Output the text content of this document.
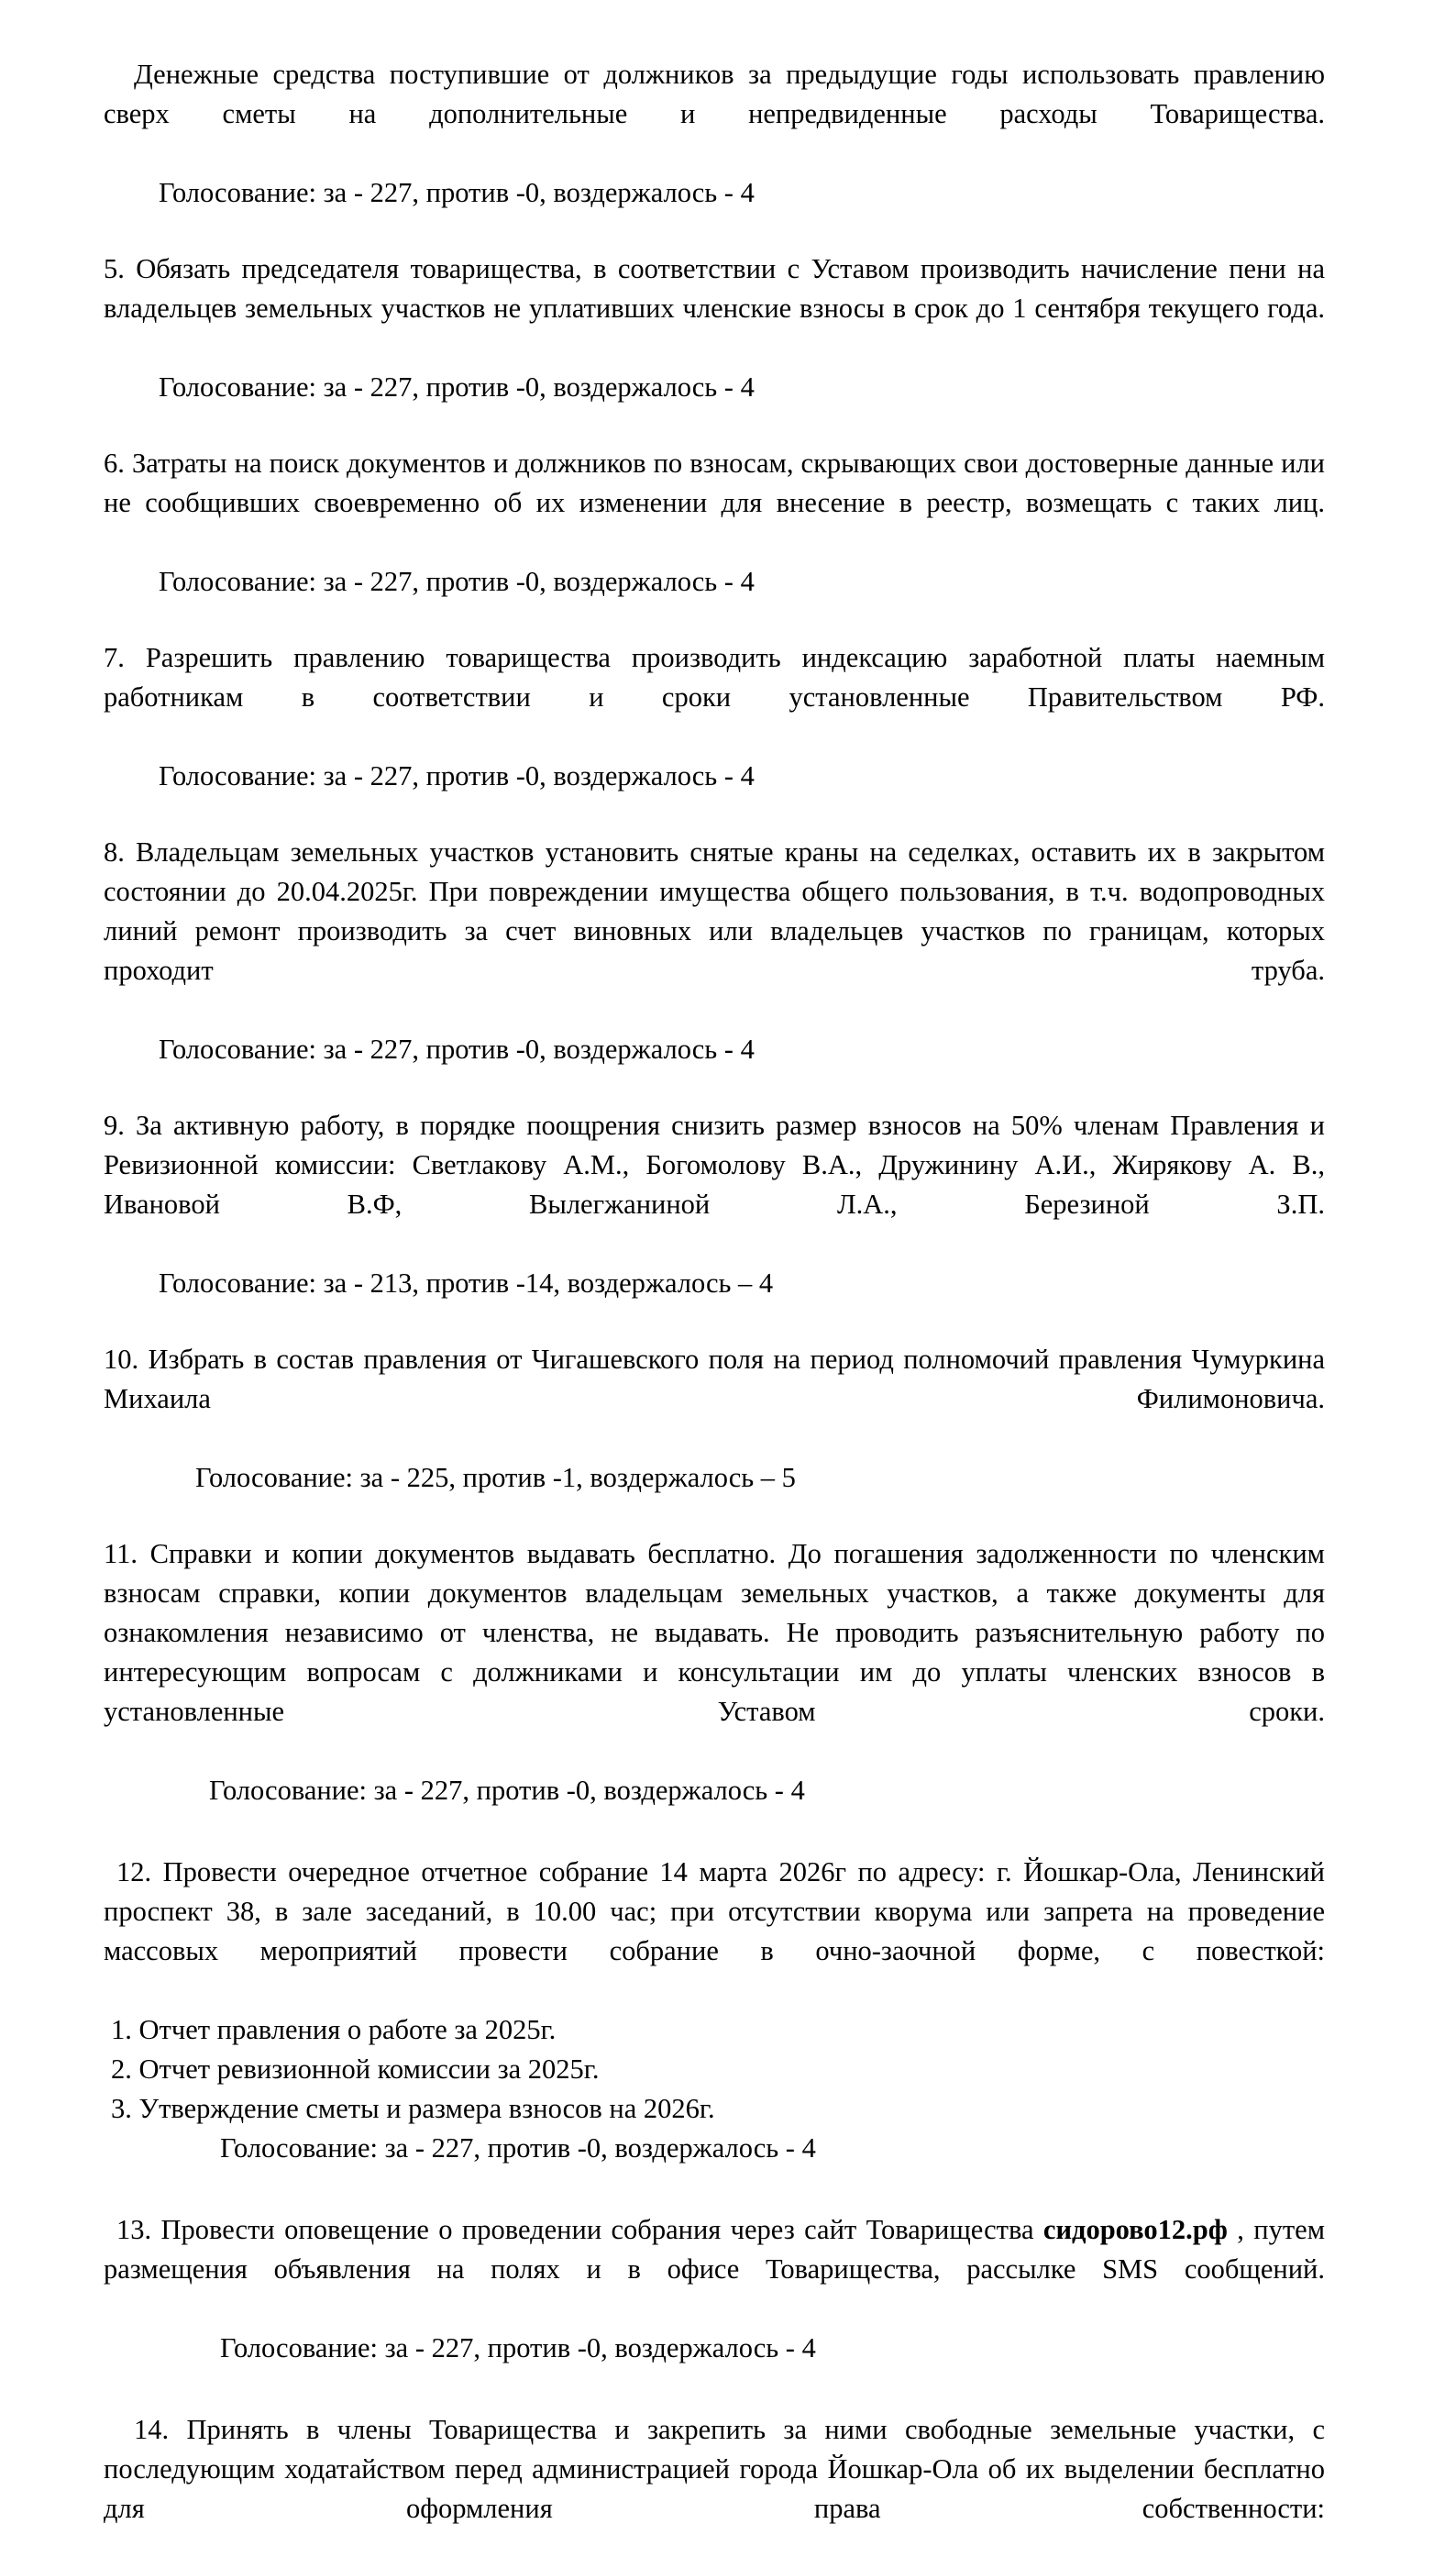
Денежные средства поступившие от должников за предыдущие годы использовать правлению сверх сметы на дополнительные и непредвиденные расходы Товарищества.

Голосование: за - 227, против -0, воздержалось - 4

5. Обязать председателя товарищества, в соответствии с Уставом производить начисление пени на владельцев земельных участков не уплативших членские взносы в срок до 1 сентября текущего года.

Голосование: за - 227, против -0, воздержалось - 4

6. Затраты на поиск документов и должников по взносам, скрывающих свои достоверные данные или не сообщивших своевременно об их изменении для внесение в реестр, возмещать с таких лиц.

Голосование: за - 227, против -0, воздержалось - 4

7. Разрешить правлению товарищества производить индексацию заработной платы наемным работникам в соответствии и сроки установленные Правительством РФ.

Голосование: за - 227, против -0, воздержалось - 4

8. Владельцам земельных участков установить снятые краны на седелках, оставить их в закрытом состоянии до 20.04.2025г. При повреждении имущества общего пользования, в т.ч. водопроводных линий ремонт производить за счет виновных или владельцев участков по границам, которых проходит труба.

Голосование: за - 227, против -0, воздержалось - 4

9. За активную работу, в порядке поощрения снизить размер взносов на 50% членам Правления и Ревизионной комиссии: Светлакову А.М., Богомолову В.А., Дружинину А.И., Жирякову А. В., Ивановой В.Ф, Вылегжаниной Л.А., Березиной З.П.

Голосование: за - 213, против -14, воздержалось – 4

10. Избрать в состав правления от Чигашевского поля на период полномочий правления Чумуркина Михаила Филимоновича.

Голосование: за - 225, против -1, воздержалось – 5

11. Справки и копии документов выдавать бесплатно. До погашения задолженности по членским взносам справки, копии документов владельцам земельных участков, а также документы для ознакомления независимо от членства, не выдавать. Не проводить разъяснительную работу по интересующим вопросам с должниками и консультации им до уплаты членских взносов в установленные Уставом сроки.

Голосование: за - 227, против -0, воздержалось - 4

12. Провести очередное отчетное собрание 14 марта 2026г по адресу: г. Йошкар-Ола, Ленинский проспект 38, в зале заседаний, в 10.00 час; при отсутствии кворума или запрета на проведение массовых мероприятий провести собрание в очно-заочной форме, с повесткой:

1. Отчет правления о работе за 2025г.

2. Отчет ревизионной комиссии за 2025г.

3. Утверждение сметы и размера взносов на 2026г.

Голосование: за - 227, против -0, воздержалось - 4

13. Провести оповещение о проведении собрания через сайт Товарищества сидорово12.рф , путем размещения объявления на полях и в офисе Товарищества, рассылке SMS сообщений.

Голосование: за - 227, против -0, воздержалось - 4

14. Принять в члены Товарищества и закрепить за ними свободные земельные участки, с последующим ходатайством перед администрацией города Йошкар-Ола об их выделении бесплатно для оформления права собственности:
